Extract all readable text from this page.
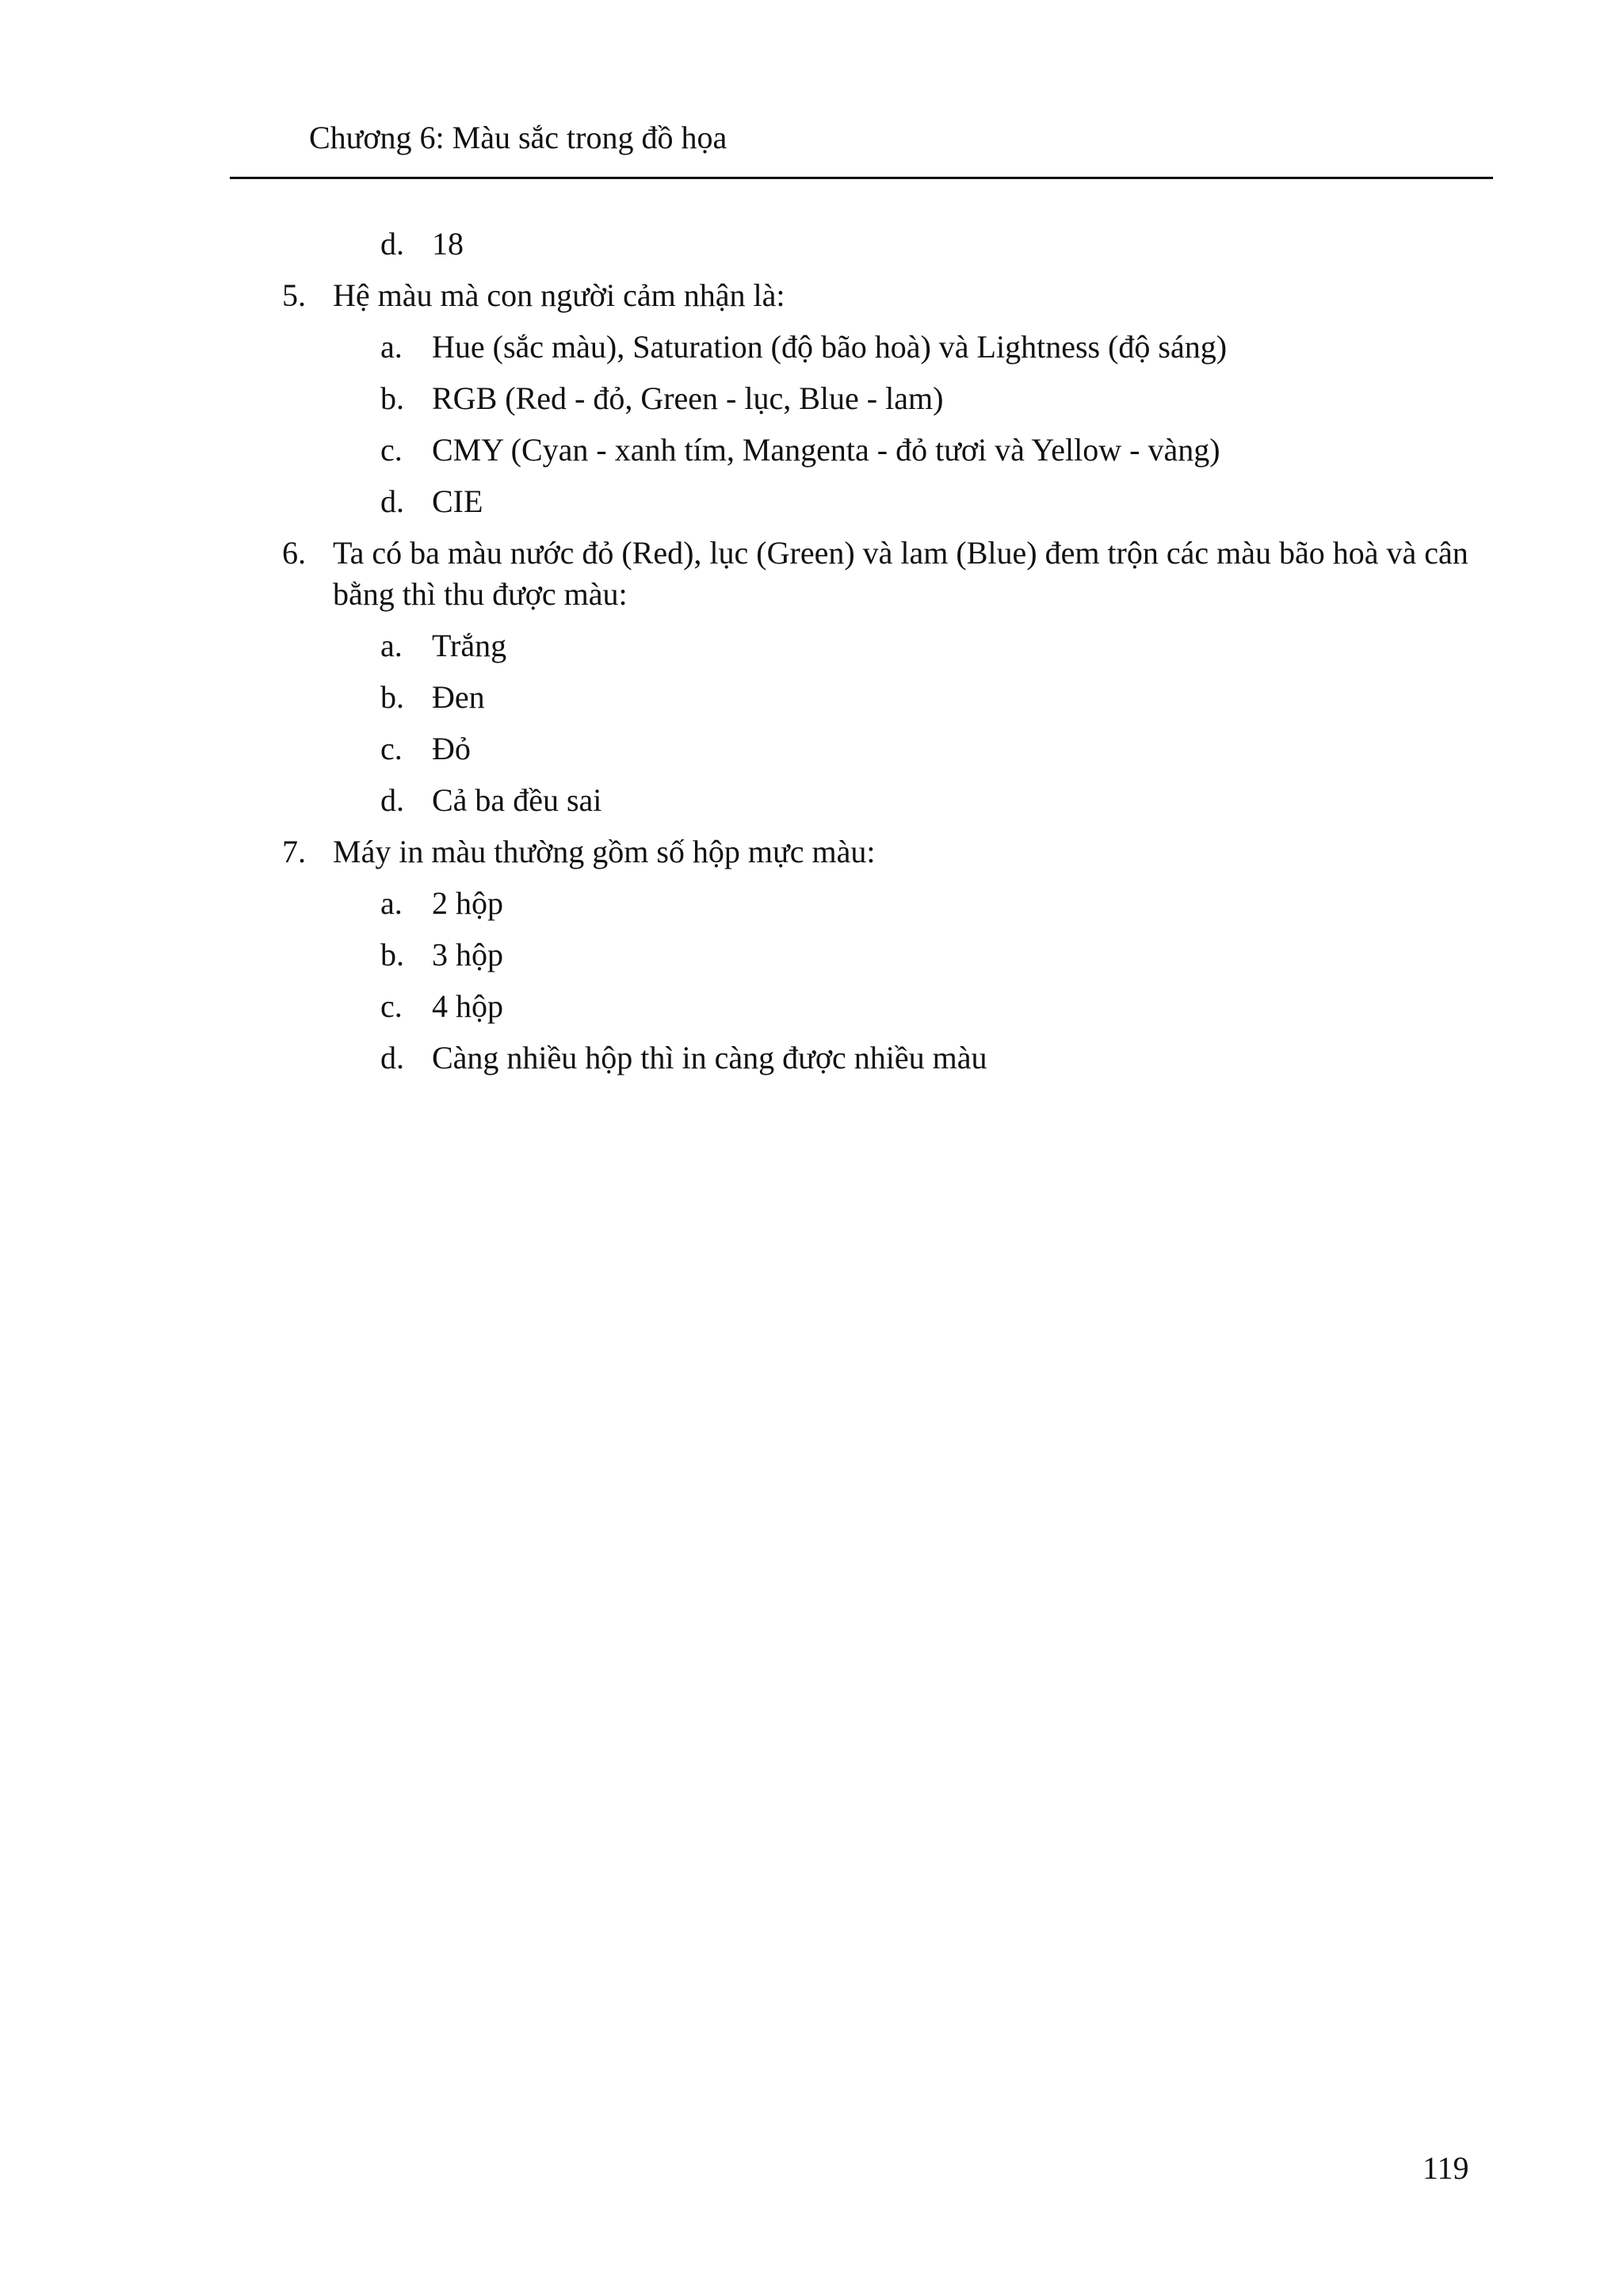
Chương 6: Màu sắc trong đồ họa
d. 18
5. Hệ màu mà con người cảm nhận là:
a. Hue (sắc màu), Saturation (độ bão hoà) và Lightness (độ sáng)
b. RGB (Red - đỏ, Green - lục, Blue - lam)
c. CMY (Cyan - xanh tím, Mangenta - đỏ tươi và Yellow - vàng)
d. CIE
6. Ta có ba màu nước đỏ (Red), lục (Green) và lam (Blue) đem trộn các màu bão hoà và cân bằng thì thu được màu:
a. Trắng
b. Đen
c. Đỏ
d. Cả ba đều sai
7. Máy in màu thường gồm số hộp mực màu:
a. 2 hộp
b. 3 hộp
c. 4 hộp
d. Càng nhiều hộp thì in càng được nhiều màu
119
